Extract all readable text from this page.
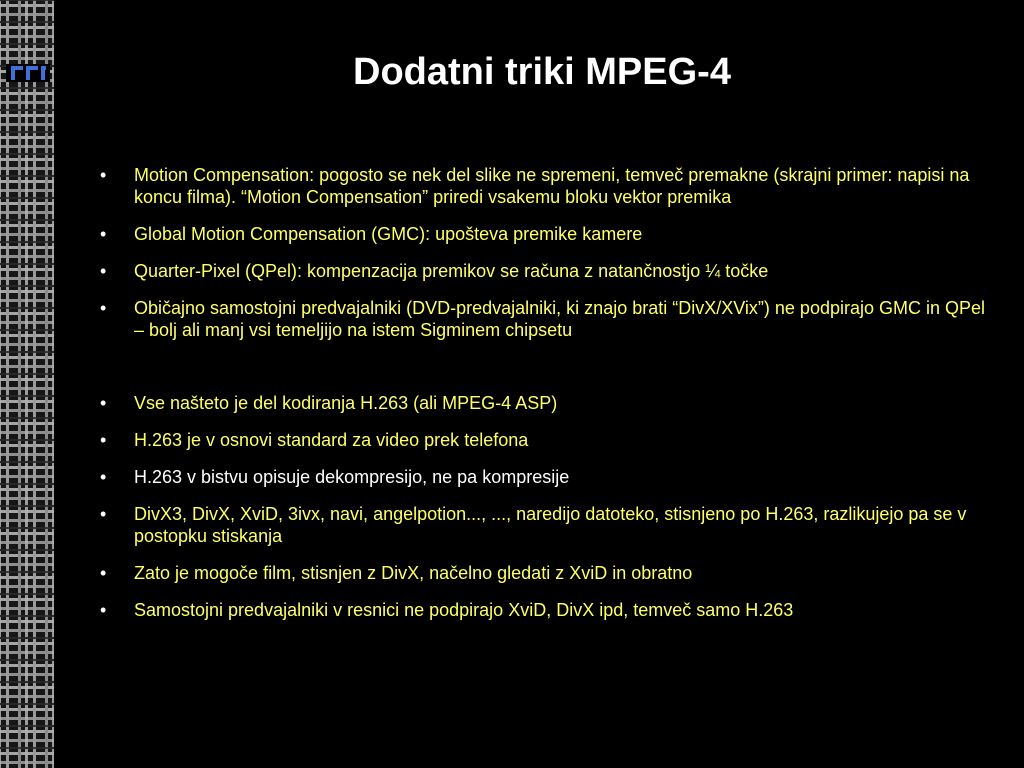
Dodatni triki MPEG-4
• Motion Compensation: pogosto se nek del slike ne spremeni, temveč premakne (skrajni primer: napisi na koncu filma). “Motion Compensation” priredi vsakemu bloku vektor premika
• Global Motion Compensation (GMC): upošteva premike kamere
• Quarter-Pixel (QPel): kompenzacija premikov se računa z natančnostjo ¼ točke
• Običajno samostojni predvajalniki (DVD-predvajalniki, ki znajo brati “DivX/XVix”) ne podpirajo GMC in QPel – bolj ali manj vsi temeljijo na istem Sigminem chipsetu
• Vse našteto je del kodiranja H.263 (ali MPEG-4 ASP)
• H.263 je v osnovi standard za video prek telefona
• H.263 v bistvu opisuje dekompresijo, ne pa kompresije
• DivX3, DivX, XviD, 3ivx, navi, angelpotion..., ..., naredijo datoteko, stisnjeno po H.263, razlikujejo pa se v postopku stiskanja
• Zato je mogoče film, stisnjen z DivX, načelno gledati z XviD in obratno
• Samostojni predvajalniki v resnici ne podpirajo XviD, DivX ipd, temveč samo H.263
